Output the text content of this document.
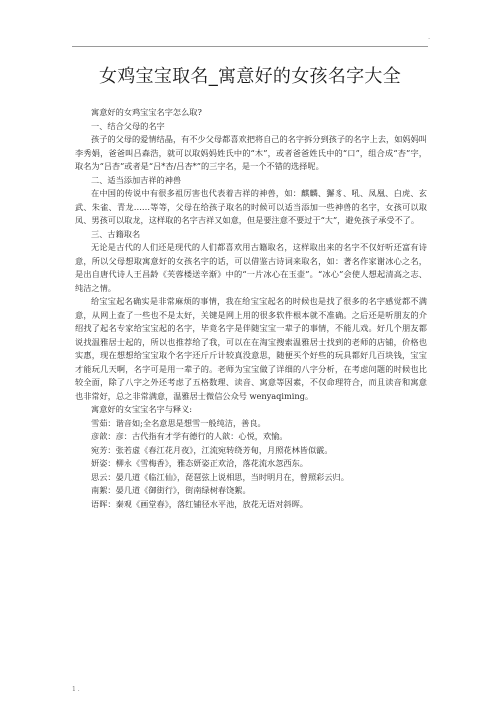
·
女鸡宝宝取名_寓意好的女孩名字大全

寓意好的女鸡宝宝名字怎么取?

一、结合父母的名字

孩子的父母的爱情结晶，有不少父母都喜欢把将自己的名字拆分到孩子的名字上去，如妈妈叫李秀娟，爸爸叫吕森浩，就可以取妈妈姓氏中的“木”，或者爸爸姓氏中的“口”，组合成“杏”字，取名为“吕杏”或者是“吕*杏/吕杏*”的三字名，是一个不错的选择呢。

二、适当添加吉祥的神兽

在中国的传说中有很多祖厉害也代表着吉祥的神兽，如：麒麟、獬豸、吼、凤凰、白虎、玄武、朱雀、青龙……等等，父母在给孩子取名的时候可以适当添加一些神兽的名字，女孩可以取凤、男孩可以取龙，这样取的名字吉祥又如意，但是要注意不要过于“大”，避免孩子承受不了。

三、古籍取名

无论是古代的人们还是现代的人们都喜欢用古籍取名，这样取出来的名字不仅好听还富有诗意，所以父母想取寓意好的女孩名字的话，可以借鉴古诗词来取名，如：著名作家谢冰心之名，是出自唐代诗人王昌龄《芙蓉楼送辛渐》中的“一片冰心在玉壶”。“冰心”会使人想起清高之志、纯洁之情。

给宝宝起名确实是非常麻烦的事情，我在给宝宝起名的时候也是找了很多的名字感觉都不满意，从网上查了一些也不是太好，关键是网上用的很多软件根本就不准确。之后还是听朋友的介绍找了起名专家给宝宝起的名字，毕竟名字是伴随宝宝一辈子的事情，不能儿戏。好几个朋友都说找温雅居士起的，所以也推荐给了我，可以在在淘宝搜索温雅居士找到的老师的店铺，价格也实惠，现在想想给宝宝取个名字还斤斤计较真没意思，随便买个好些的玩具都好几百块钱，宝宝才能玩几天啊，名字可是用一辈子的。老师为宝宝做了详细的八字分析，在考虑问题的时候也比较全面，除了八字之外还考虑了五格数理、读音、寓意等因素，不仅命理符合，而且读音和寓意也非常好，总之非常满意，温雅居士微信公众号 wenyaqiming。

寓意好的女宝宝名字与释义:

雪茹：谐音如;全名意思是想雪一般纯洁，善良。

彦歆：彦：古代指有才学有德行的人歆：心悦，欢愉。

宛芳：张若虚《春江花月夜》，江流宛转绕芳甸，月照花林皆似霰。

妍姿：柳永《雪梅香》，雅态妍姿正欢洽，落花流水忽西东。

思云：晏几道《临江仙》，琵琶弦上说相思，当时明月在，曾照彩云归。

南絮：晏几道《御街行》，街南绿树春饶絮。

语晖：秦观《画堂春》，落红铺径水平池，放花无语对斜晖。

1 .
